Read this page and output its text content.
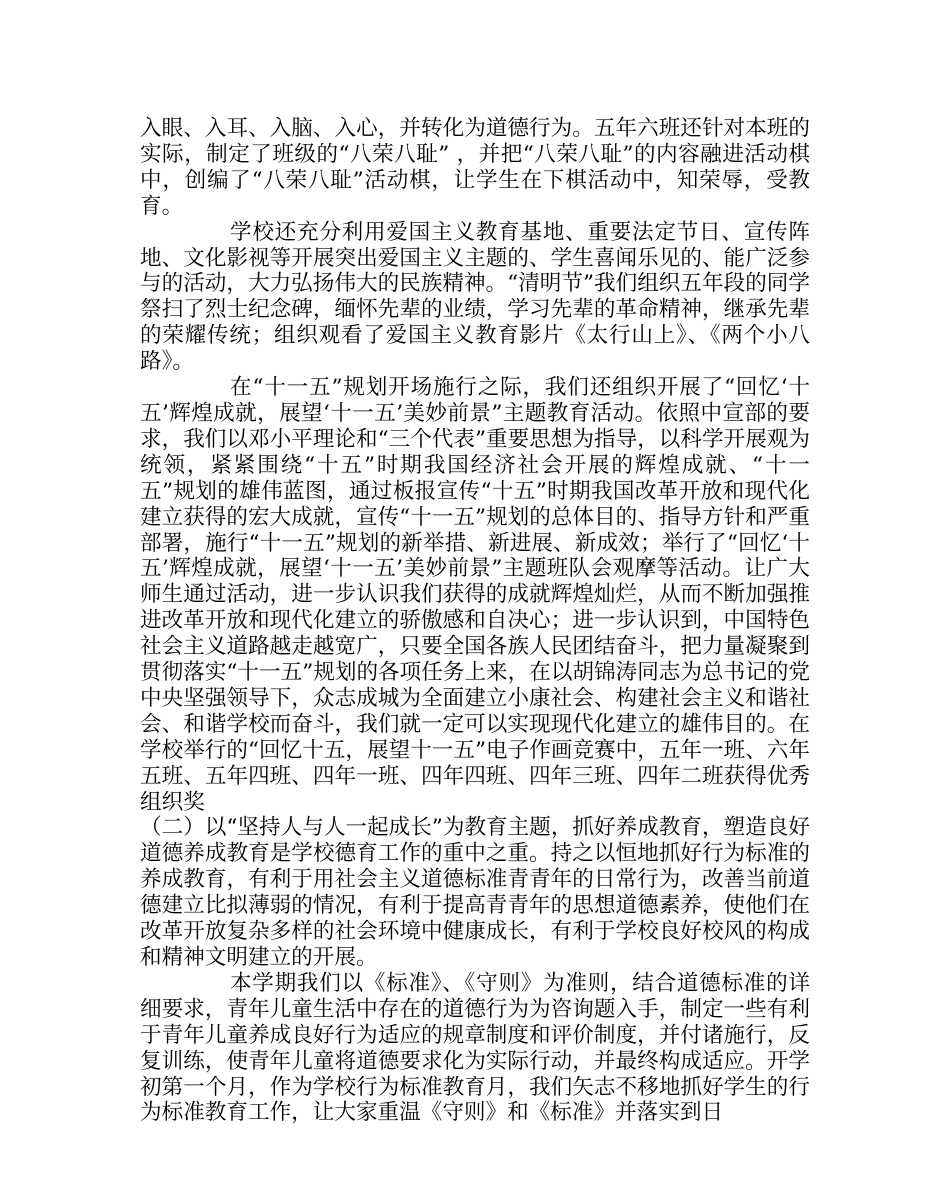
入眼、入耳、入脑、入心，并转化为道德行为。五年六班还针对本班的实际，制定了班级的“八荣八耻” ，并把“八荣八耻”的内容融进活动棋中，创编了“八荣八耻”活动棋，让学生在下棋活动中，知荣辱，受教育。

学校还充分利用爱国主义教育基地、重要法定节日、宣传阵地、文化影视等开展突出爱国主义主题的、学生喜闻乐见的、能广泛参与的活动，大力弘扬伟大的民族精神。“清明节”我们组织五年段的同学祭扫了烈士纪念碑，缅怀先辈的业绩，学习先辈的革命精神，继承先辈的荣耀传统；组织观看了爱国主义教育影片《太行山上》、《两个小八路》。

在“十一五”规划开场施行之际，我们还组织开展了“回忆‘十五’辉煌成就，展望‘十一五’美妙前景”主题教育活动。依照中宣部的要求，我们以邓小平理论和“三个代表”重要思想为指导，以科学开展观为统领，紧紧围绕“十五”时期我国经济社会开展的辉煌成就、“十一五”规划的雄伟蓝图，通过板报宣传“十五”时期我国改革开放和现代化建立获得的宏大成就，宣传“十一五”规划的总体目的、指导方针和严重部署，施行“十一五”规划的新举措、新进展、新成效；举行了“回忆‘十五’辉煌成就，展望‘十一五’美妙前景”主题班队会观摩等活动。让广大师生通过活动，进一步认识我们获得的成就辉煌灿烂，从而不断加强推进改革开放和现代化建立的骄傲感和自决心；进一步认识到，中国特色社会主义道路越走越宽广，只要全国各族人民团结奋斗，把力量凝聚到贯彻落实“十一五”规划的各项任务上来，在以胡锦涛同志为总书记的党中央坚强领导下，众志成城为全面建立小康社会、构建社会主义和谐社会、和谐学校而奋斗，我们就一定可以实现现代化建立的雄伟目的。在学校举行的“回忆十五，展望十一五”电子作画竞赛中，五年一班、六年五班、五年四班、四年一班、四年四班、四年三班、四年二班获得优秀组织奖

（二）以“坚持人与人一起成长”为教育主题，抓好养成教育，塑造良好道德养成教育是学校德育工作的重中之重。持之以恒地抓好行为标准的养成教育，有利于用社会主义道德标准青青年的日常行为，改善当前道德建立比拟薄弱的情况，有利于提高青青年的思想道德素养，使他们在改革开放复杂多样的社会环境中健康成长，有利于学校良好校风的构成和精神文明建立的开展。

本学期我们以《标准》、《守则》为准则，结合道德标准的详细要求，青年儿童生活中存在的道德行为为咨询题入手，制定一些有利于青年儿童养成良好行为适应的规章制度和评价制度，并付诸施行，反复训练，使青年儿童将道德要求化为实际行动，并最终构成适应。开学初第一个月，作为学校行为标准教育月，我们矢志不移地抓好学生的行为标准教育工作，让大家重温《守则》和《标准》并落实到日
